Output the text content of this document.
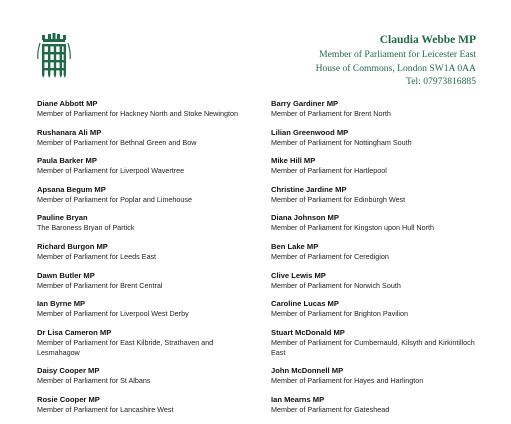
Claudia Webbe MP
Member of Parliament for Leicester East
House of Commons, London SW1A 0AA
Tel: 07973816885
Diane Abbott MP
Member of Parliament for Hackney North and Stoke Newington
Rushanara Ali MP
Member of Parliament for Bethnal Green and Bow
Paula Barker MP
Member of Parliament for Liverpool Wavertree
Apsana Begum MP
Member of Parliament for Poplar and Limehouse
Pauline Bryan
The Baroness Bryan of Partick
Richard Burgon MP
Member of Parliament for Leeds East
Dawn Butler MP
Member of Parliament for Brent Central
Ian Byrne MP
Member of Parliament for Liverpool West Derby
Dr Lisa Cameron MP
Member of Parliament for East Kilbride, Strathaven and Lesmahagow
Daisy Cooper MP
Member of Parliament for St Albans
Rosie Cooper MP
Member of Parliament for Lancashire West
Barry Gardiner MP
Member of Parliament for Brent North
Lilian Greenwood MP
Member of Parliament for Nottingham South
Mike Hill MP
Member of Parliament for Hartlepool
Christine Jardine MP
Member of Parliament for Edinburgh West
Diana Johnson MP
Member of Parliament for Kingston upon Hull North
Ben Lake MP
Member of Parliament for Ceredigion
Clive Lewis MP
Member of Parliament for Norwich South
Caroline Lucas MP
Member of Parliament for Brighton Pavilion
Stuart McDonald MP
Member of Parliament for Cumbernauld, Kilsyth and Kirkintilloch East
John McDonnell MP
Member of Parliament for Hayes and Harlington
Ian Mearns MP
Member of Parliament for Gateshead
